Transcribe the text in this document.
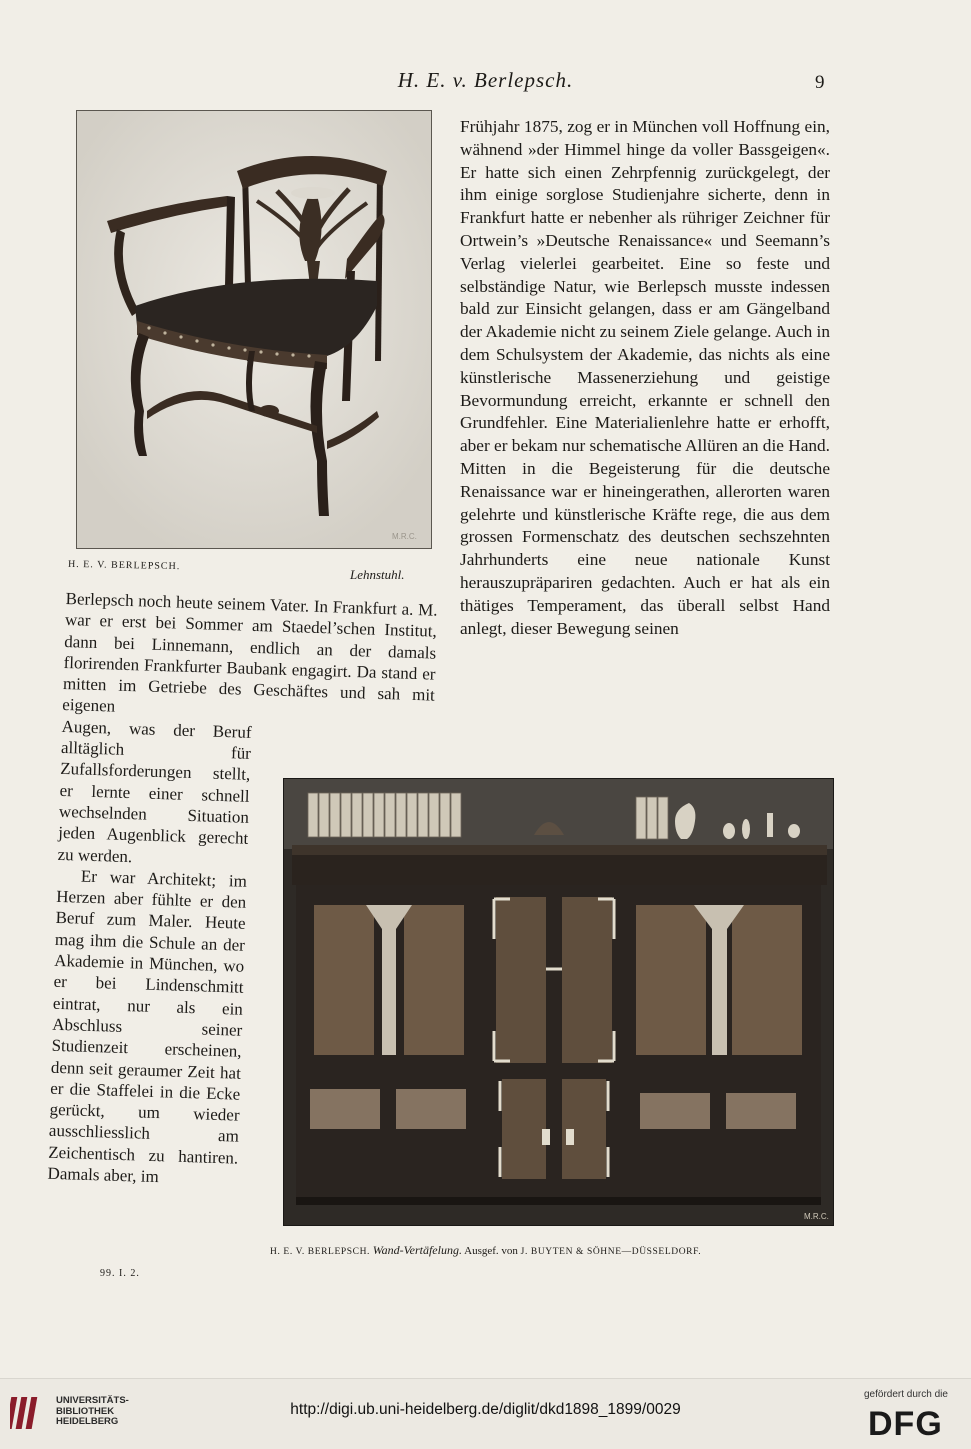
H. E. v. Berlepsch.	9
M.R.C.
H. E. V. BERLEPSCH.
Lehnstuhl.

Frühjahr 1875, zog er in München voll Hoffnung ein, wähnend »der Himmel hinge da voller Bassgeigen«. Er hatte sich einen Zehrpfennig zurückgelegt, der ihm einige sorglose Studienjahre sicherte, denn in Frankfurt hatte er nebenher als rühriger Zeichner für Ortwein’s »Deutsche Renaissance« und Seemann’s Verlag vielerlei gearbeitet. Eine so feste und selbständige Natur, wie Berlepsch musste indessen bald zur Einsicht gelangen, dass er am Gängelband der Akademie nicht zu seinem Ziele gelange. Auch in dem Schulsystem der Akademie, das nichts als eine künstlerische Massenerziehung und geistige Bevormundung erreicht, erkannte er schnell den Grundfehler. Eine Materialienlehre hatte er erhofft, aber er bekam nur schematische Allüren an die Hand. Mitten in die Begeisterung für die deutsche Renaissance war er hineingerathen, allerorten waren gelehrte und künstlerische Kräfte rege, die aus dem grossen Formenschatz des deutschen sechszehnten Jahrhunderts eine neue nationale Kunst herauszupräpariren gedachten. Auch er hat als ein thätiges Temperament, das überall selbst Hand anlegt, dieser Bewegung seinen

Berlepsch noch heute seinem Vater. In Frankfurt a. M. war er erst bei Sommer am Staedel’schen Institut, dann bei Linnemann, endlich an der damals florirenden Frankfurter Baubank engagirt. Da stand er mitten im Getriebe des Geschäftes und sah mit eigenen

Augen, was der Beruf alltäglich für Zufallsforderungen stellt, er lernte einer schnell wechselnden Situation jeden Augenblick gerecht zu werden.

Er war Architekt; im Herzen aber fühlte er den Beruf zum Maler. Heute mag ihm die Schule an der Akademie in München, wo er bei Lindenschmitt eintrat, nur als ein Abschluss seiner Studienzeit erscheinen, denn seit geraumer Zeit hat er die Staffelei in die Ecke gerückt, um wieder ausschliesslich am Zeichentisch zu hantiren. Damals aber, im

M.R.C.
H. E. V. BERLEPSCH. Wand-Vertäfelung. Ausgef. von J. BUYTEN & SÖHNE—DÜSSELDORF.
99. I. 2.
UNIVERSITÄTS-
BIBLIOTHEK
HEIDELBERG
http://digi.ub.uni-heidelberg.de/diglit/dkd1898_1899/0029
gefördert durch die
DFG
